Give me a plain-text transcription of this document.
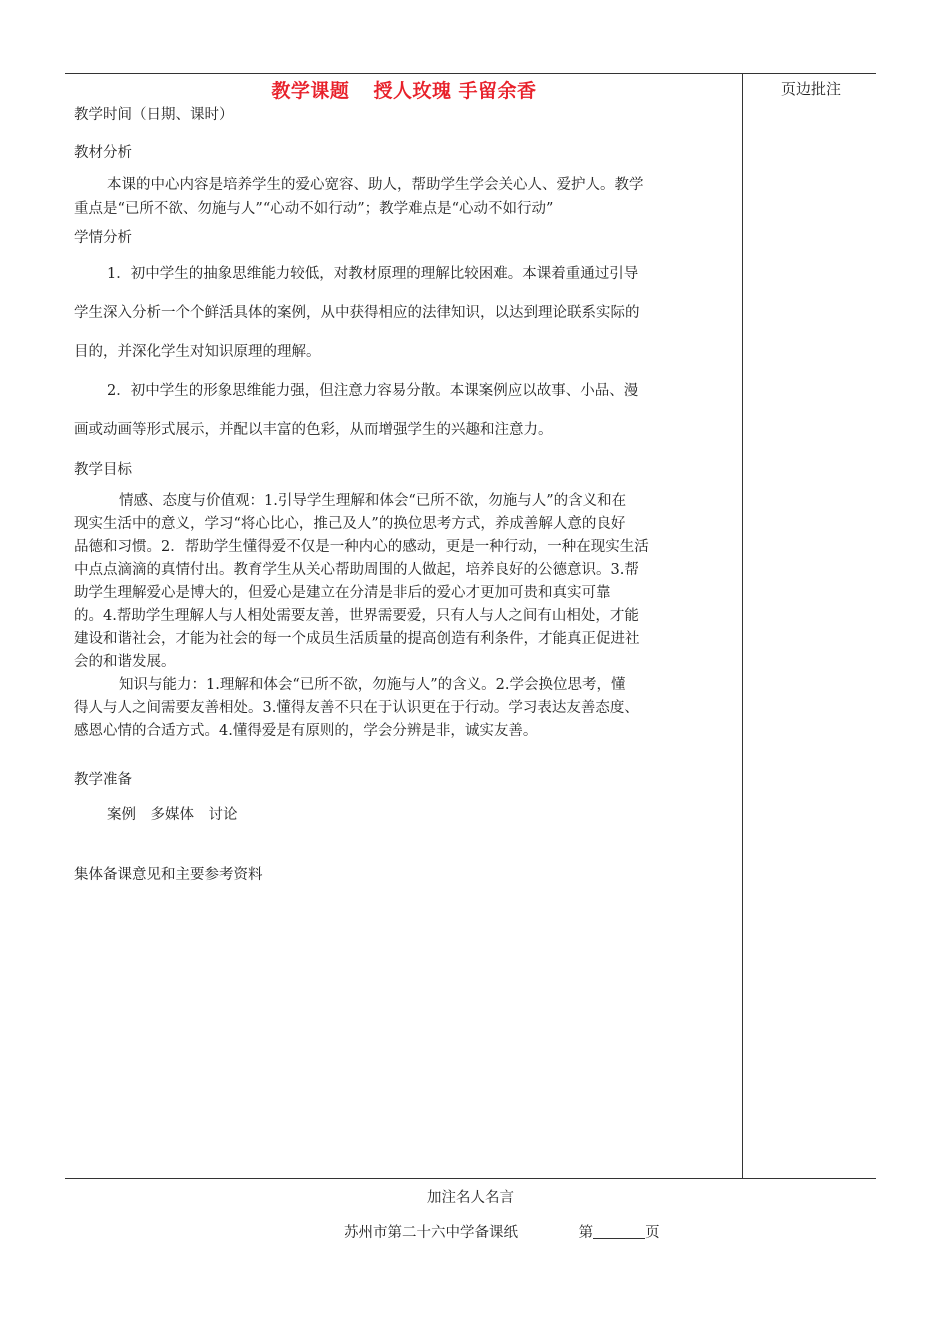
教学课题 授人玫瑰 手留余香	页边批注
教学时间（日期、课时）
教材分析
本课的中心内容是培养学生的爱心宽容、助人，帮助学生学会关心人、爱护人。教学
重点是“已所不欲、勿施与人”“心动不如行动”；教学难点是“心动不如行动”
学情分析
1．初中学生的抽象思维能力较低，对教材原理的理解比较困难。本课着重通过引导
学生深入分析一个个鲜活具体的案例，从中获得相应的法律知识，以达到理论联系实际的
目的，并深化学生对知识原理的理解。
2．初中学生的形象思维能力强，但注意力容易分散。本课案例应以故事、小品、漫
画或动画等形式展示，并配以丰富的色彩，从而增强学生的兴趣和注意力。
教学目标
情感、态度与价值观：1.引导学生理解和体会“已所不欲，勿施与人”的含义和在
现实生活中的意义，学习“将心比心，推己及人”的换位思考方式，养成善解人意的良好
品德和习惯。2．帮助学生懂得爱不仅是一种内心的感动，更是一种行动，一种在现实生活
中点点滴滴的真情付出。教育学生从关心帮助周围的人做起，培养良好的公德意识。3.帮
助学生理解爱心是博大的，但爱心是建立在分清是非后的爱心才更加可贵和真实可靠
的。4.帮助学生理解人与人相处需要友善，世界需要爱，只有人与人之间有山相处，才能
建设和谐社会，才能为社会的每一个成员生活质量的提高创造有利条件，才能真正促进社
会的和谐发展。
知识与能力：1.理解和体会“已所不欲，勿施与人”的含义。2.学会换位思考，懂
得人与人之间需要友善相处。3.懂得友善不只在于认识更在于行动。学习表达友善态度、
感恩心情的合适方式。4.懂得爱是有原则的，学会分辨是非，诚实友善。
教学准备
案例　多媒体　讨论
集体备课意见和主要参考资料
加注名人名言
苏州市第二十六中学备课纸	第	页
